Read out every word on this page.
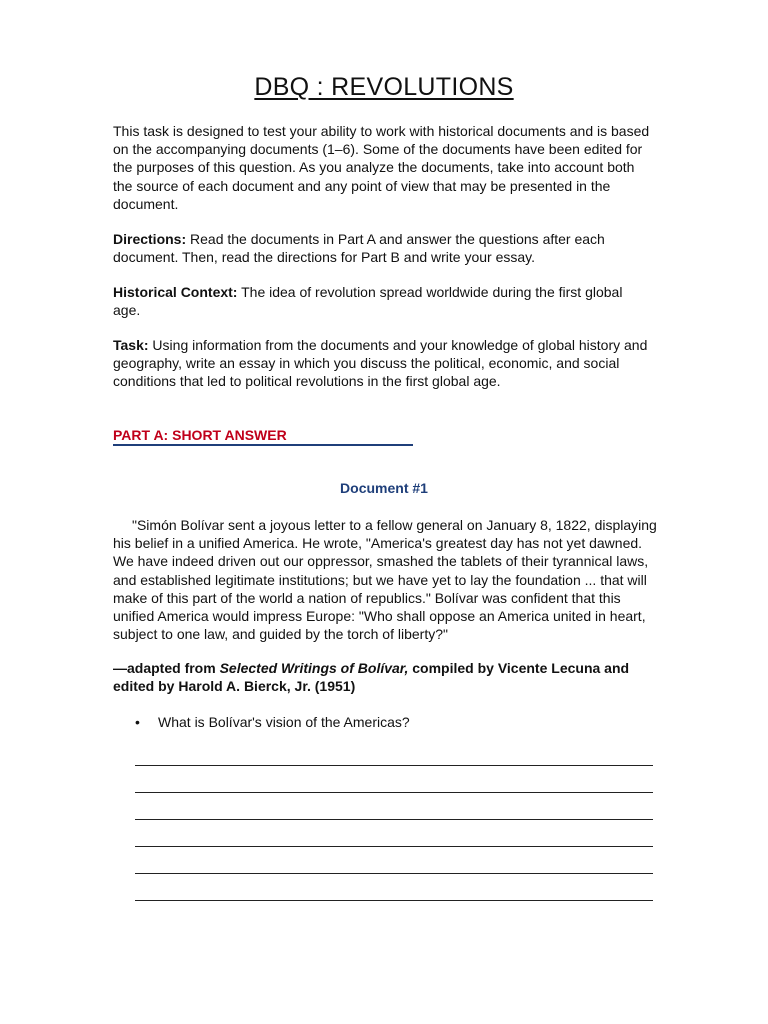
DBQ : REVOLUTIONS
This task is designed to test your ability to work with historical documents and is based on the accompanying documents (1–6). Some of the documents have been edited for the purposes of this question. As you analyze the documents, take into account both the source of each document and any point of view that may be presented in the document.
Directions: Read the documents in Part A and answer the questions after each document. Then, read the directions for Part B and write your essay.
Historical Context: The idea of revolution spread worldwide during the first global age.
Task: Using information from the documents and your knowledge of global history and geography, write an essay in which you discuss the political, economic, and social conditions that led to political revolutions in the first global age.
PART A: SHORT ANSWER
Document #1
"Simón Bolívar sent a joyous letter to a fellow general on January 8, 1822, displaying his belief in a unified America. He wrote, "America's greatest day has not yet dawned. We have indeed driven out our oppressor, smashed the tablets of their tyrannical laws, and established legitimate institutions; but we have yet to lay the foundation ... that will make of this part of the world a nation of republics." Bolívar was confident that this unified America would impress Europe: "Who shall oppose an America united in heart, subject to one law, and guided by the torch of liberty?"
—adapted from Selected Writings of Bolívar, compiled by Vicente Lecuna and edited by Harold A. Bierck, Jr. (1951)
• What is Bolívar's vision of the Americas?
